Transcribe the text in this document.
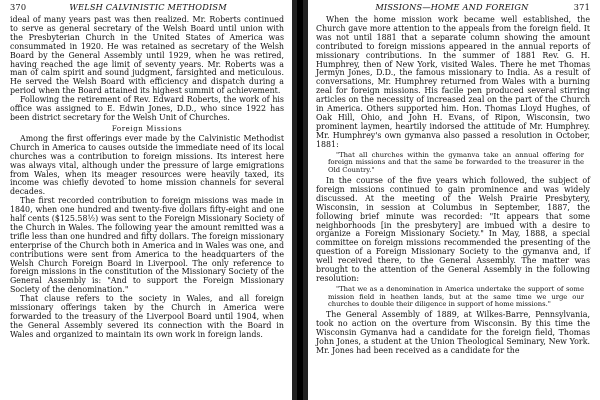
370	WELSH CALVINISTIC METHODISM

ideal of many years past was then realized. Mr. Roberts continued to serve as general secretary of the Welsh Board until union with the Presbyterian Church in the United States of America was consummated in 1920. He was retained as secretary of the Welsh Board by the General Assembly until 1929, when he was retired, having reached the age limit of seventy years. Mr. Roberts was a man of calm spirit and sound judgment, farsighted and meticulous. He served the Welsh Board with efficiency and dispatch during a period when the Board attained its highest summit of achievement.

Following the retirement of Rev. Edward Roberts, the work of his office was assigned to E. Edwin Jones, D.D., who since 1922 has been district secretary for the Welsh Unit of Churches.

Foreign Missions

Among the first offerings ever made by the Calvinistic Methodist Church in America to causes outside the immediate need of its local churches was a contribution to foreign missions. Its interest here was always vital, although under the pressure of large emigrations from Wales, when its meager resources were heavily taxed, its income was chiefly devoted to home mission channels for several decades.

The first recorded contribution to foreign missions was made in 1840, when one hundred and twenty-five dollars fifty-eight and one half cents ($125.58½) was sent to the Foreign Missionary Society of the Church in Wales. The following year the amount remitted was a trifle less than one hundred and fifty dollars. The foreign missionary enterprise of the Church both in America and in Wales was one, and contributions were sent from America to the headquarters of the Welsh Church Foreign Board in Liverpool. The only reference to foreign missions in the constitution of the Missionary Society of the General Assembly is: "And to support the Foreign Missionary Society of the denomination."

That clause refers to the society in Wales, and all foreign missionary offerings taken by the Church in America were forwarded to the treasury of the Liverpool Board until 1904, when the General Assembly severed its connection with the Board in Wales and organized to maintain its own work in foreign lands.

MISSIONS—HOME AND FOREIGN	371

When the home mission work became well established, the Church gave more attention to the appeals from the foreign field. It was not until 1881 that a separate column showing the amount contributed to foreign missions appeared in the annual reports of missionary contributions. In the summer of 1881 Rev. G. H. Humphrey, then of New York, visited Wales. There he met Thomas Jermyn Jones, D.D., the famous missionary to India. As a result of conversations, Mr. Humphrey returned from Wales with a burning zeal for foreign missions. His facile pen produced several stirring articles on the necessity of increased zeal on the part of the Church in America. Others supported him. Hon. Thomas Lloyd Hughes, of Oak Hill, Ohio, and John H. Evans, of Ripon, Wisconsin, two prominent laymen, heartily indorsed the attitude of Mr. Humphrey. Mr. Humphrey's own gymanva also passed a resolution in October, 1881:

"That all churches within the gymanva take an annual offering for foreign missions and that the same be forwarded to the treasurer in the Old Country."

In the course of the five years which followed, the subject of foreign missions continued to gain prominence and was widely discussed. At the meeting of the Welsh Prairie Presbytery, Wisconsin, in session at Columbus in September, 1887, the following brief minute was recorded: "It appears that some neighborhoods [in the presbytery] are imbued with a desire to organize a Foreign Missionary Society." In May, 1888, a special committee on foreign missions recommended the presenting of the question of a Foreign Missionary Society to the gymanva and, if well received there, to the General Assembly. The matter was brought to the attention of the General Assembly in the following resolution:

"That we as a denomination in America undertake the support of some mission field in heathen lands, but at the same time we urge our churches to double their diligence in support of home missions."

The General Assembly of 1889, at Wilkes-Barre, Pennsylvania, took no action on the overture from Wisconsin. By this time the Wisconsin Gymanva had a candidate for the foreign field, Thomas John Jones, a student at the Union Theological Seminary, New York. Mr. Jones had been received as a candidate for the
